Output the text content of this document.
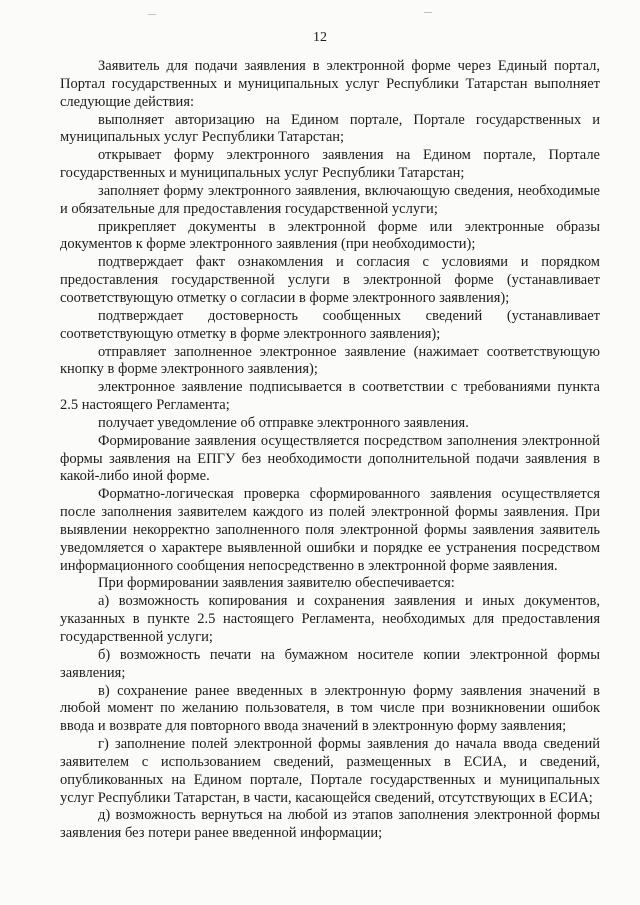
12

Заявитель для подачи заявления в электронной форме через Единый портал, Портал государственных и муниципальных услуг Республики Татарстан выполняет следующие действия:

выполняет авторизацию на Едином портале, Портале государственных и муниципальных услуг Республики Татарстан;

открывает форму электронного заявления на Едином портале, Портале государственных и муниципальных услуг Республики Татарстан;

заполняет форму электронного заявления, включающую сведения, необходимые и обязательные для предоставления государственной услуги;

прикрепляет документы в электронной форме или электронные образы документов к форме электронного заявления (при необходимости);

подтверждает факт ознакомления и согласия с условиями и порядком предоставления государственной услуги в электронной форме (устанавливает соответствующую отметку о согласии в форме электронного заявления);

подтверждает достоверность сообщенных сведений (устанавливает соответствующую отметку в форме электронного заявления);

отправляет заполненное электронное заявление (нажимает соответствующую кнопку в форме электронного заявления);

электронное заявление подписывается в соответствии с требованиями пункта 2.5 настоящего Регламента;

получает уведомление об отправке электронного заявления.

Формирование заявления осуществляется посредством заполнения электронной формы заявления на ЕПГУ без необходимости дополнительной подачи заявления в какой-либо иной форме.

Форматно-логическая проверка сформированного заявления осуществляется после заполнения заявителем каждого из полей электронной формы заявления. При выявлении некорректно заполненного поля электронной формы заявления заявитель уведомляется о характере выявленной ошибки и порядке ее устранения посредством информационного сообщения непосредственно в электронной форме заявления.

При формировании заявления заявителю обеспечивается:

а) возможность копирования и сохранения заявления и иных документов, указанных в пункте 2.5 настоящего Регламента, необходимых для предоставления государственной услуги;

б) возможность печати на бумажном носителе копии электронной формы заявления;

в) сохранение ранее введенных в электронную форму заявления значений в любой момент по желанию пользователя, в том числе при возникновении ошибок ввода и возврате для повторного ввода значений в электронную форму заявления;

г) заполнение полей электронной формы заявления до начала ввода сведений заявителем с использованием сведений, размещенных в ЕСИА, и сведений, опубликованных на Едином портале, Портале государственных и муниципальных услуг Республики Татарстан, в части, касающейся сведений, отсутствующих в ЕСИА;

д) возможность вернуться на любой из этапов заполнения электронной формы заявления без потери ранее введенной информации;
